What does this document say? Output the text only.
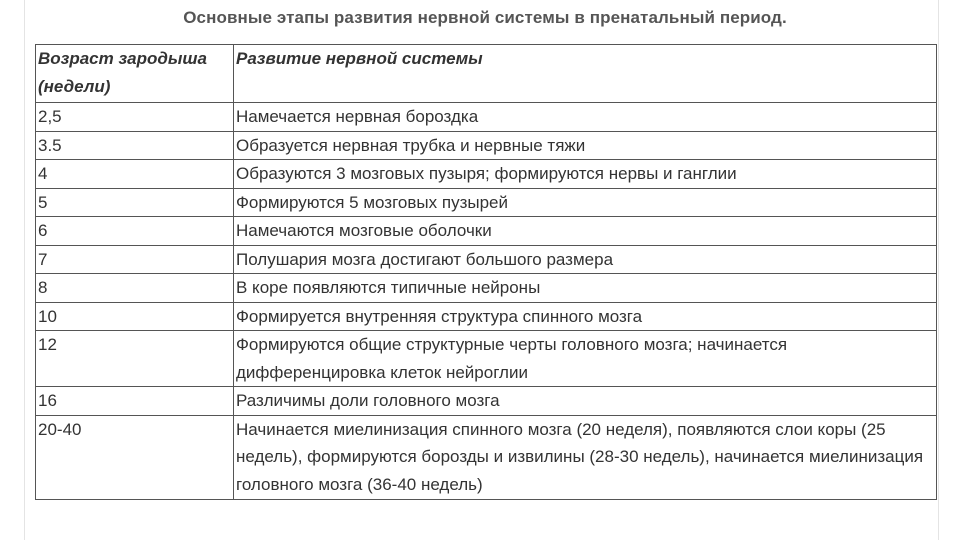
Основные этапы развития нервной системы в пренатальный период.
Возраст зародыша (недели)	Развитие нервной системы
2,5	Намечается нервная бороздка
3.5	Образуется нервная трубка и нервные тяжи
4	Образуются 3 мозговых пузыря; формируются нервы и ганглии
5	Формируются 5 мозговых пузырей
6	Намечаются мозговые оболочки
7	Полушария мозга достигают большого размера
8	В коре появляются типичные нейроны
10	Формируется внутренняя структура спинного мозга
12	Формируются общие структурные черты головного мозга; начинается дифференцировка клеток нейроглии
16	Различимы доли головного мозга
20-40	Начинается миелинизация спинного мозга (20 неделя), появляются слои коры (25 недель), формируются борозды и извилины (28-30 недель), начинается миелинизация головного мозга (36-40 недель)
